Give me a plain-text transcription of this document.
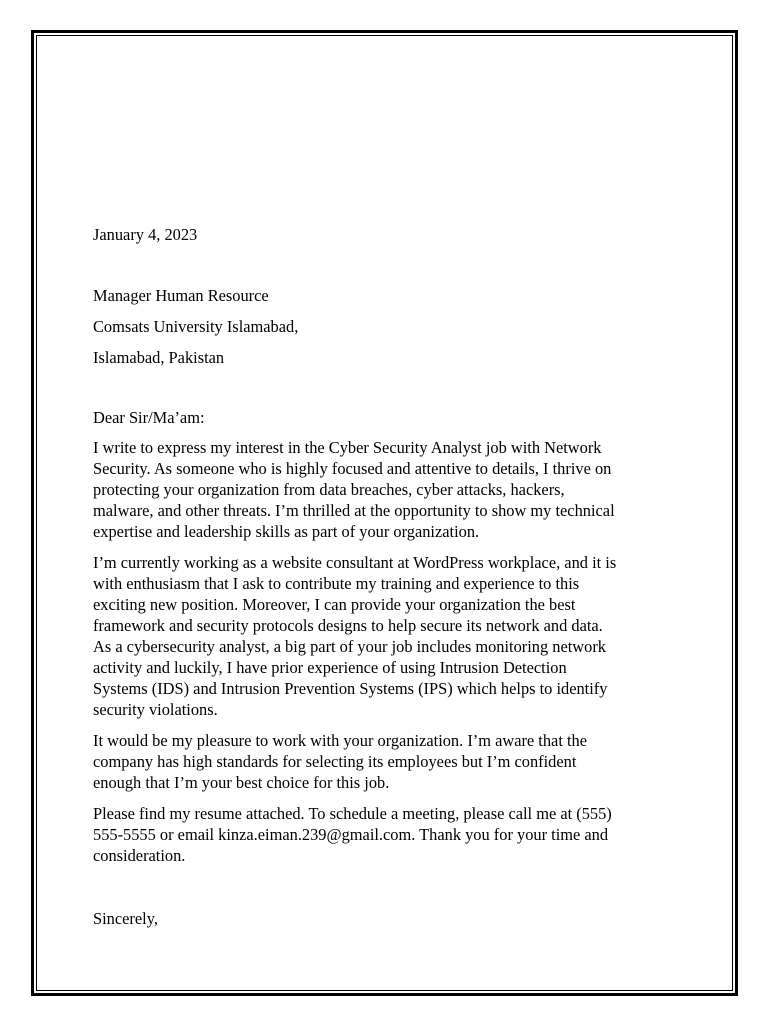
January 4, 2023

Manager Human Resource

Comsats University Islamabad,

Islamabad, Pakistan

Dear Sir/Ma’am:

I write to express my interest in the Cyber Security Analyst job with Network
Security. As someone who is highly focused and attentive to details, I thrive on
protecting your organization from data breaches, cyber attacks, hackers,
malware, and other threats. I’m thrilled at the opportunity to show my technical
expertise and leadership skills as part of your organization.
I’m currently working as a website consultant at WordPress workplace, and it is
with enthusiasm that I ask to contribute my training and experience to this
exciting new position. Moreover, I can provide your organization the best
framework and security protocols designs to help secure its network and data.
As a cybersecurity analyst, a big part of your job includes monitoring network
activity and luckily, I have prior experience of using Intrusion Detection
Systems (IDS) and Intrusion Prevention Systems (IPS) which helps to identify
security violations.
It would be my pleasure to work with your organization. I’m aware that the
company has high standards for selecting its employees but I’m confident
enough that I’m your best choice for this job.
Please find my resume attached. To schedule a meeting, please call me at (555)
555-5555 or email kinza.eiman.239@gmail.com. Thank you for your time and
consideration.

Sincerely,
